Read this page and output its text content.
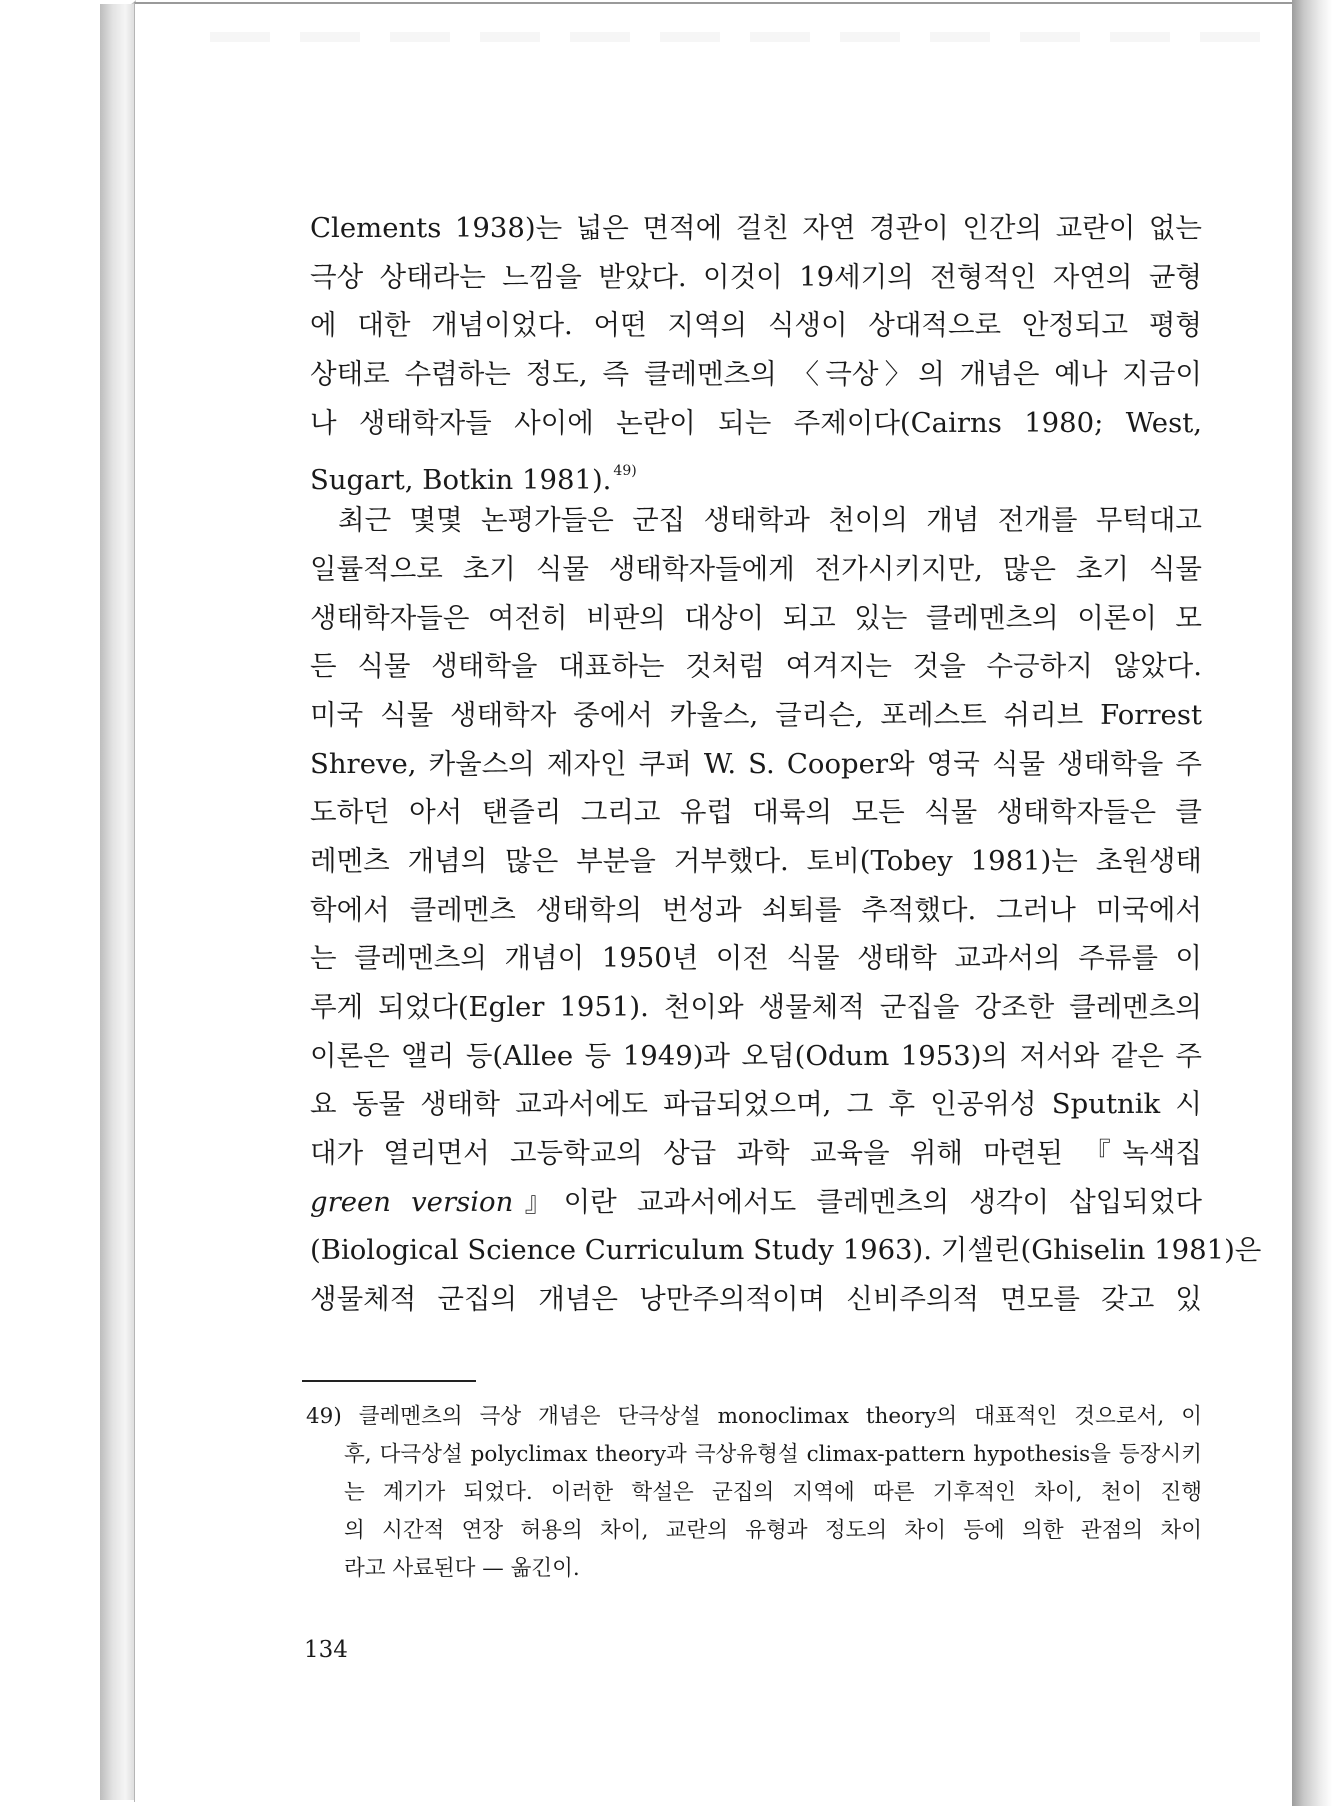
Clements 1938)는 넓은 면적에 걸친 자연 경관이 인간의 교란이 없는
극상 상태라는 느낌을 받았다. 이것이 19세기의 전형적인 자연의 균형
에 대한 개념이었다. 어떤 지역의 식생이 상대적으로 안정되고 평형
상태로 수렴하는 정도, 즉 클레멘츠의 〈극상〉의 개념은 예나 지금이
나 생태학자들 사이에 논란이 되는 주제이다(Cairns 1980; West,
Sugart, Botkin 1981). $^{49)}$
최근 몇몇 논평가들은 군집 생태학과 천이의 개념 전개를 무턱대고
일률적으로 초기 식물 생태학자들에게 전가시키지만, 많은 초기 식물
생태학자들은 여전히 비판의 대상이 되고 있는 클레멘츠의 이론이 모
든 식물 생태학을 대표하는 것처럼 여겨지는 것을 수긍하지 않았다.
미국 식물 생태학자 중에서 카울스, 글리슨, 포레스트 쉬리브 Forrest
Shreve, 카울스의 제자인 쿠퍼 W. S. Cooper와 영국 식물 생태학을 주
도하던 아서 탠즐리 그리고 유럽 대륙의 모든 식물 생태학자들은 클
레멘츠 개념의 많은 부분을 거부했다. 토비(Tobey 1981)는 초원생태
학에서 클레멘츠 생태학의 번성과 쇠퇴를 추적했다. 그러나 미국에서
는 클레멘츠의 개념이 1950년 이전 식물 생태학 교과서의 주류를 이
루게 되었다(Egler 1951). 천이와 생물체적 군집을 강조한 클레멘츠의
이론은 앨리 등(Allee 등 1949)과 오덤(Odum 1953)의 저서와 같은 주
요 동물 생태학 교과서에도 파급되었으며, 그 후 인공위성 Sputnik 시
대가 열리면서 고등학교의 상급 과학 교육을 위해 마련된 『녹색집
green version』이란 교과서에서도 클레멘츠의 생각이 삽입되었다
(Biological Science Curriculum Study 1963). 기셀린(Ghiselin 1981)은
생물체적 군집의 개념은 낭만주의적이며 신비주의적 면모를 갖고 있
49) 클레멘츠의 극상 개념은 단극상설 monoclimax theory의 대표적인 것으로서, 이
후, 다극상설 polyclimax theory과 극상유형설 climax-pattern hypothesis을 등장시키
는 계기가 되었다. 이러한 학설은 군집의 지역에 따른 기후적인 차이, 천이 진행
의 시간적 연장 허용의 차이, 교란의 유형과 정도의 차이 등에 의한 관점의 차이
라고 사료된다 — 옮긴이.
134
